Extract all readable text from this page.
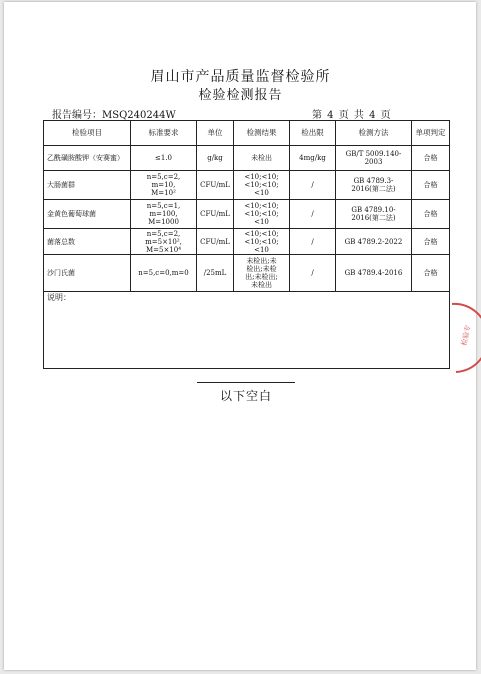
眉山市产品质量监督检验所
检验检测报告
报告编号：MSQ240244W	第 4 页 共 4 页
检验项目	标准要求	单位	检测结果	检出限	检测方法	单项判定
乙酰磺胺酸钾（安赛蜜）	≤1.0	g/kg	未检出	4mg/kg	GB/T 5009.140-2003	合格
大肠菌群	n=5,c=2,
m=10,
M=10²	CFU/mL	<10;<10;
<10;<10;
<10	/	GB 4789.3-
2016(第二法)	合格
金黄色葡萄球菌	n=5,c=1,
m=100,
M=1000	CFU/mL	<10;<10;
<10;<10;
<10	/	GB 4789.10-
2016(第二法)	合格
菌落总数	n=5,c=2,
m=5×10²,
M=5×10⁴	CFU/mL	<10;<10;
<10;<10;
<10	/	GB 4789.2-2022	合格
沙门氏菌	n=5,c=0,m=0	/25mL	未检出;未
检出;未检
出;未检出;
未检出	/	GB 4789.4-2016	合格
说明：						
以下空白
检验专
